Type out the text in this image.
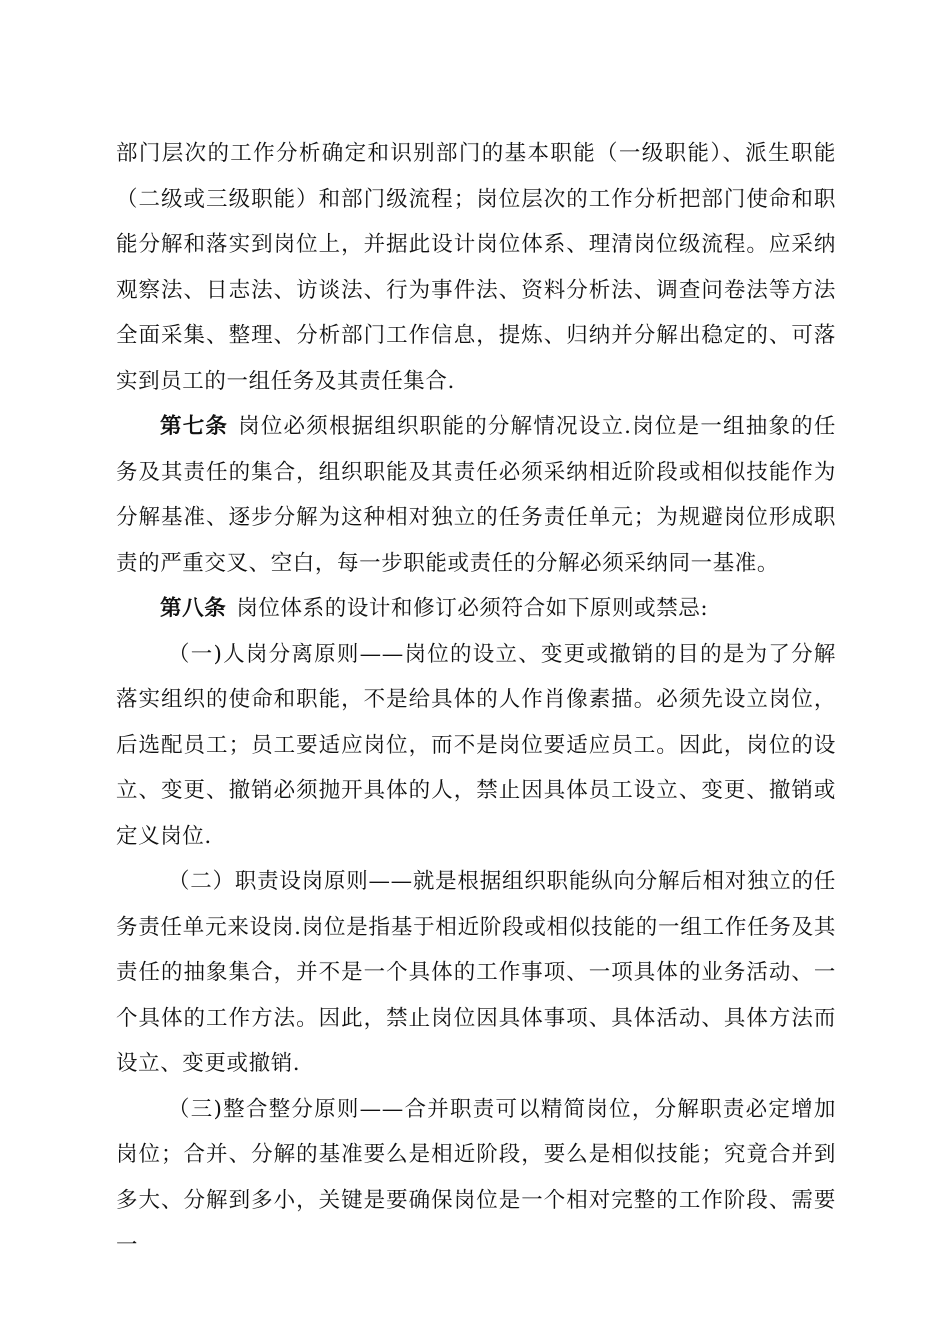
部门层次的工作分析确定和识别部门的基本职能（一级职能）、派生职能（二级或三级职能）和部门级流程；岗位层次的工作分析把部门使命和职能分解和落实到岗位上，并据此设计岗位体系、理清岗位级流程。应采纳观察法、日志法、访谈法、行为事件法、资料分析法、调查问卷法等方法全面采集、整理、分析部门工作信息，提炼、归纳并分解出稳定的、可落实到员工的一组任务及其责任集合.

第七条 岗位必须根据组织职能的分解情况设立.岗位是一组抽象的任务及其责任的集合，组织职能及其责任必须采纳相近阶段或相似技能作为分解基准、逐步分解为这种相对独立的任务责任单元；为规避岗位形成职责的严重交叉、空白，每一步职能或责任的分解必须采纳同一基准。

第八条 岗位体系的设计和修订必须符合如下原则或禁忌:

（一)人岗分离原则——岗位的设立、变更或撤销的目的是为了分解落实组织的使命和职能，不是给具体的人作肖像素描。必须先设立岗位，后选配员工；员工要适应岗位，而不是岗位要适应员工。因此，岗位的设立、变更、撤销必须抛开具体的人，禁止因具体员工设立、变更、撤销或定义岗位.

（二）职责设岗原则——就是根据组织职能纵向分解后相对独立的任务责任单元来设岗.岗位是指基于相近阶段或相似技能的一组工作任务及其责任的抽象集合，并不是一个具体的工作事项、一项具体的业务活动、一个具体的工作方法。因此，禁止岗位因具体事项、具体活动、具体方法而设立、变更或撤销.

（三)整合整分原则——合并职责可以精简岗位，分解职责必定增加岗位；合并、分解的基准要么是相近阶段，要么是相似技能；究竟合并到多大、分解到多小，关键是要确保岗位是一个相对完整的工作阶段、需要一
